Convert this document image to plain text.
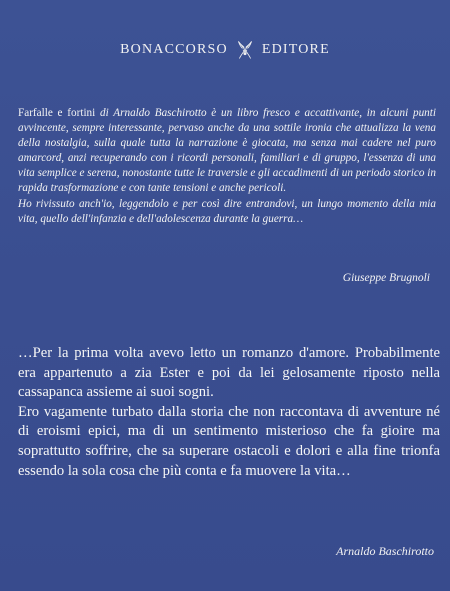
BONACCORSO EDITORE

Farfalle e fortini di Arnaldo Baschirotto è un libro fresco e accattivante, in alcuni punti avvincente, sempre interessante, pervaso anche da una sottile ironia che attualizza la vena della nostalgia, sulla quale tutta la narrazione è giocata, ma senza mai cadere nel puro amarcord, anzi recuperando con i ricordi personali, familiari e di gruppo, l'essenza di una vita semplice e serena, nonostante tutte le traversie e gli accadimenti di un periodo storico in rapida trasformazione e con tante tensioni e anche pericoli.

Ho rivissuto anch'io, leggendolo e per così dire entrandovi, un lungo momento della mia vita, quello dell'infanzia e dell'adolescenza durante la guerra…

Giuseppe Brugnoli

…Per la prima volta avevo letto un romanzo d'amore. Probabilmente era appartenuto a zia Ester e poi da lei gelosamente riposto nella cassapanca assieme ai suoi sogni.

Ero vagamente turbato dalla storia che non raccontava di avventure né di eroismi epici, ma di un sentimento misterioso che fa gioire ma soprattutto soffrire, che sa superare ostacoli e dolori e alla fine trionfa essendo la sola cosa che più conta e fa muovere la vita…

Arnaldo Baschirotto
